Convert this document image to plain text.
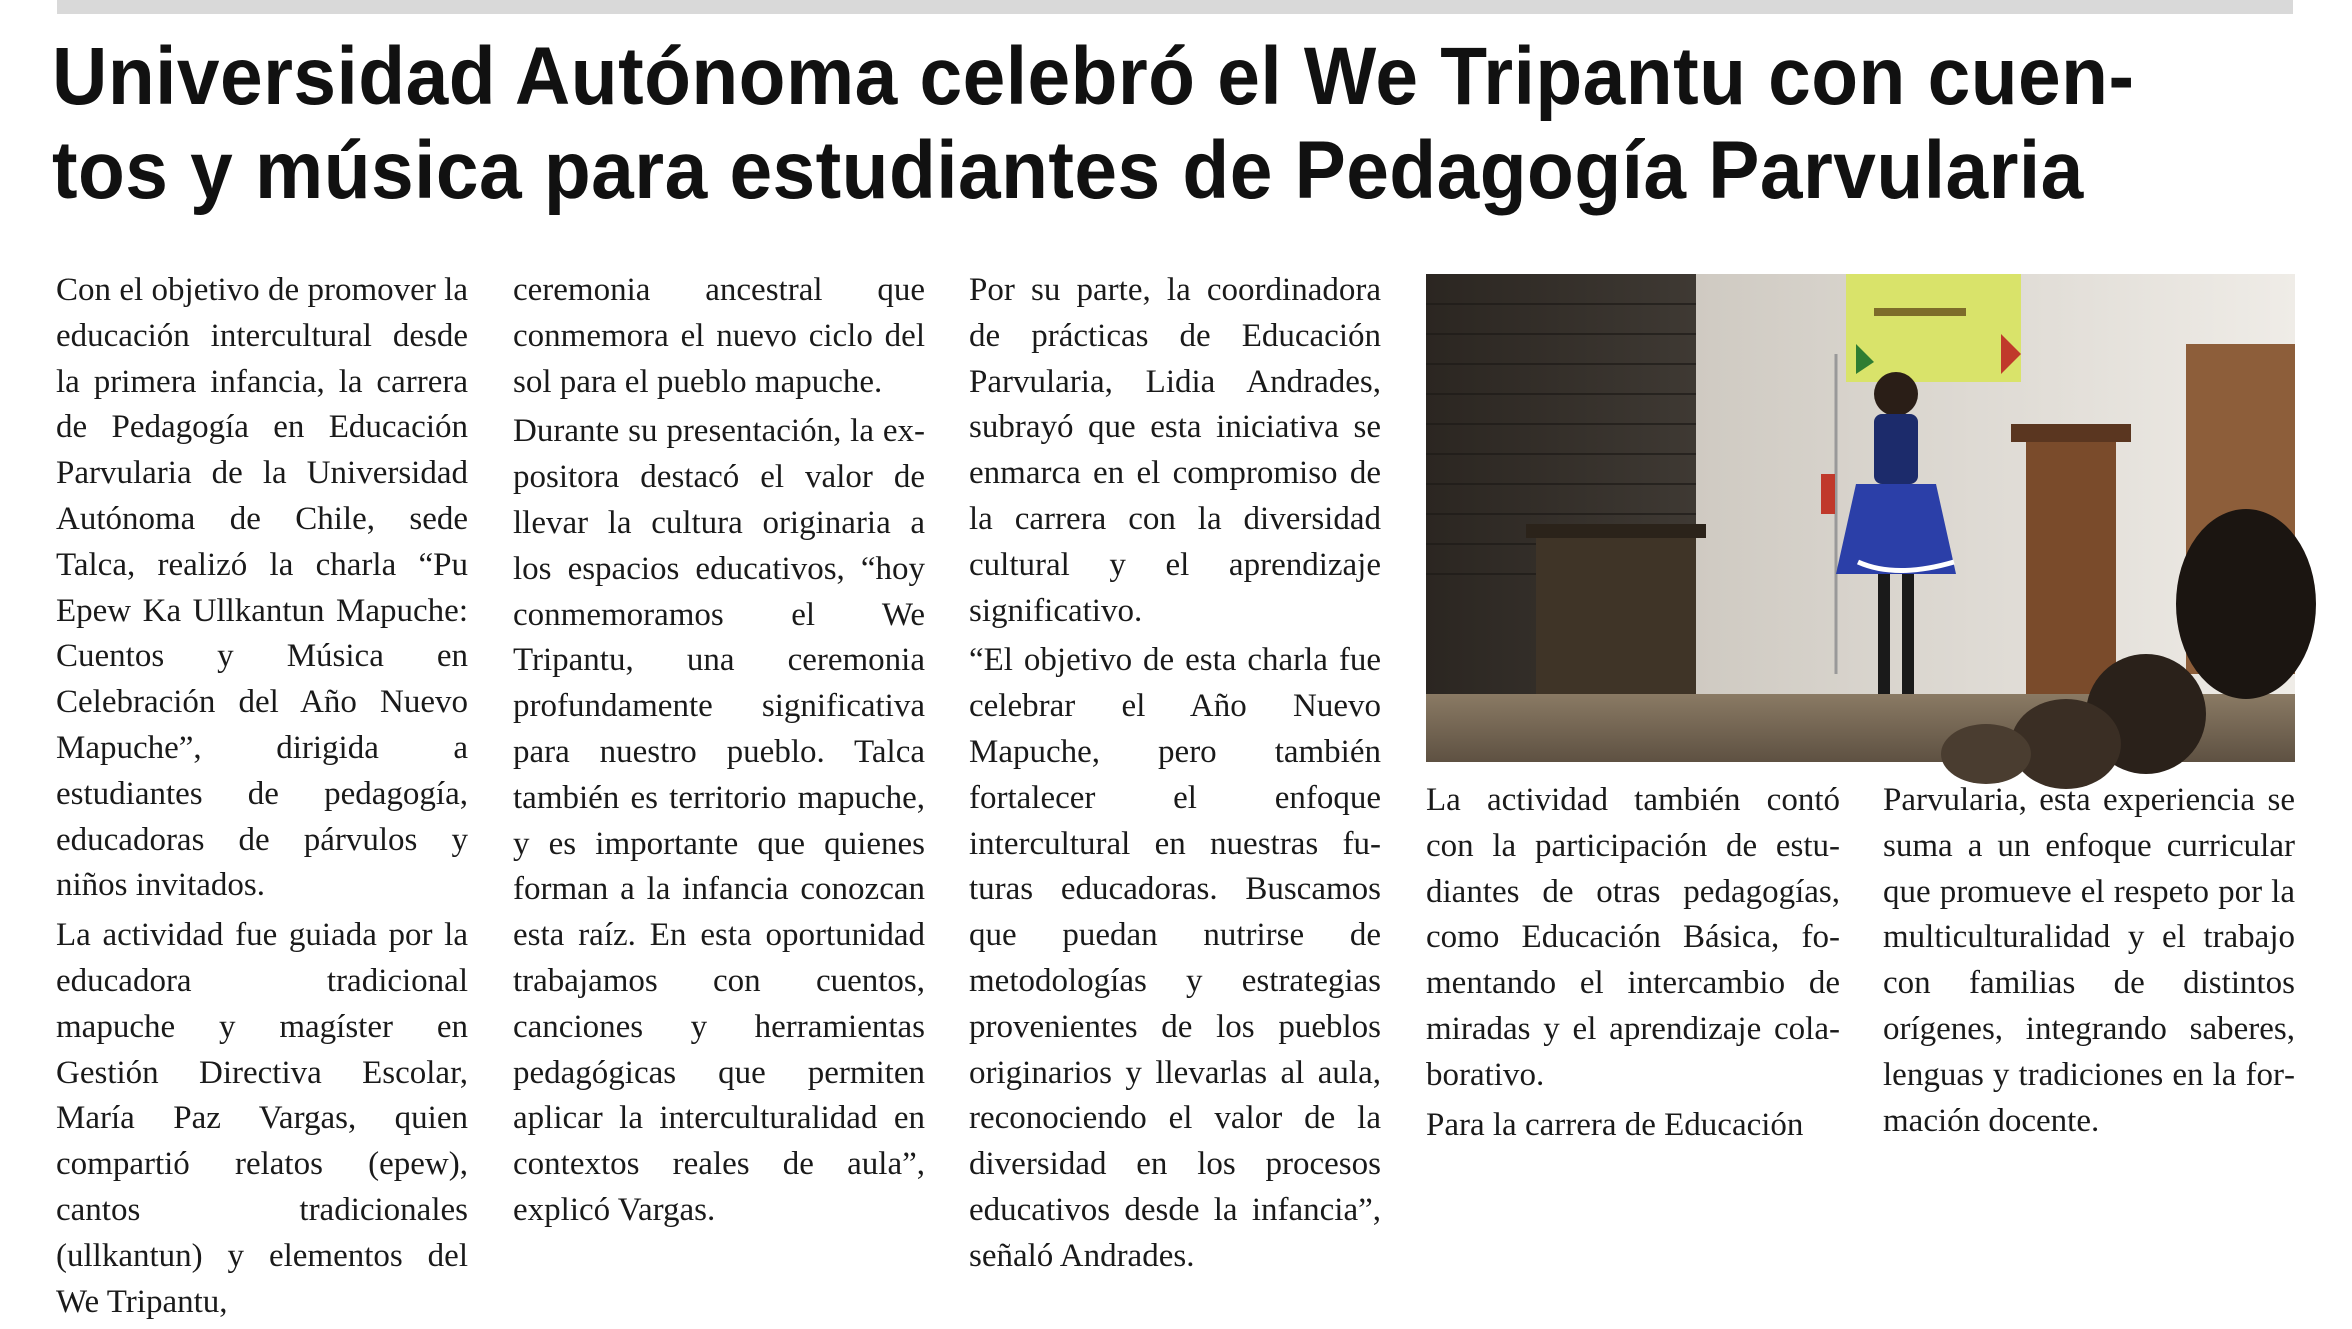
Universidad Autónoma celebró el We Tripantu con cuen-
tos y música para estudiantes de Pedagogía Parvularia

Con el objetivo de promover la educación intercultural desde la primera infancia, la carrera de Pedagogía en Educación Parvularia de la Universidad Autónoma de Chile, sede Talca, realizó la charla “Pu Epew Ka Ullkantun Mapuche: Cuentos y Música en Celebración del Año Nuevo Mapuche”, dirigida a estudiantes de pedagogía, educadoras de párvulos y niños invitados.

La actividad fue guiada por la educadora tradicional mapuche y magíster en Gestión Directiva Escolar, María Paz Vargas, quien compartió relatos (epew), cantos tradicionales (ullkantun) y elementos del We Tripantu,

ceremonia ancestral que conmemora el nuevo ciclo del sol para el pueblo mapuche.

Durante su presentación, la expositora destacó el valor de llevar la cultura originaria a los espacios educativos, “hoy conmemoramos el We Tripantu, una ceremonia profundamente significativa para nuestro pueblo. Talca también es territorio mapuche, y es importante que quienes forman a la infancia conozcan esta raíz. En esta oportunidad trabajamos con cuentos, canciones y herramientas pedagógicas que permiten aplicar la interculturalidad en contextos reales de aula”, explicó Vargas.

Por su parte, la coordinadora de prácticas de Educación Parvularia, Lidia Andrades, subrayó que esta iniciativa se enmarca en el compromiso de la carrera con la diversidad cultural y el aprendizaje significativo.

“El objetivo de esta charla fue celebrar el Año Nuevo Mapuche, pero también fortalecer el enfoque intercultural en nuestras futuras educadoras. Buscamos que puedan nutrirse de metodologías y estrategias provenientes de los pueblos originarios y llevarlas al aula, reconociendo el valor de la diversidad en los procesos educativos desde la infancia”, señaló Andrades.

La actividad también contó con la participación de estudiantes de otras pedagogías, como Educación Básica, fomentando el intercambio de miradas y el aprendizaje colaborativo.

Para la carrera de Educación

Parvularia, esta experiencia se suma a un enfoque curricular que promueve el respeto por la multiculturalidad y el trabajo con familias de distintos orígenes, integrando saberes, lenguas y tradiciones en la formación docente.
